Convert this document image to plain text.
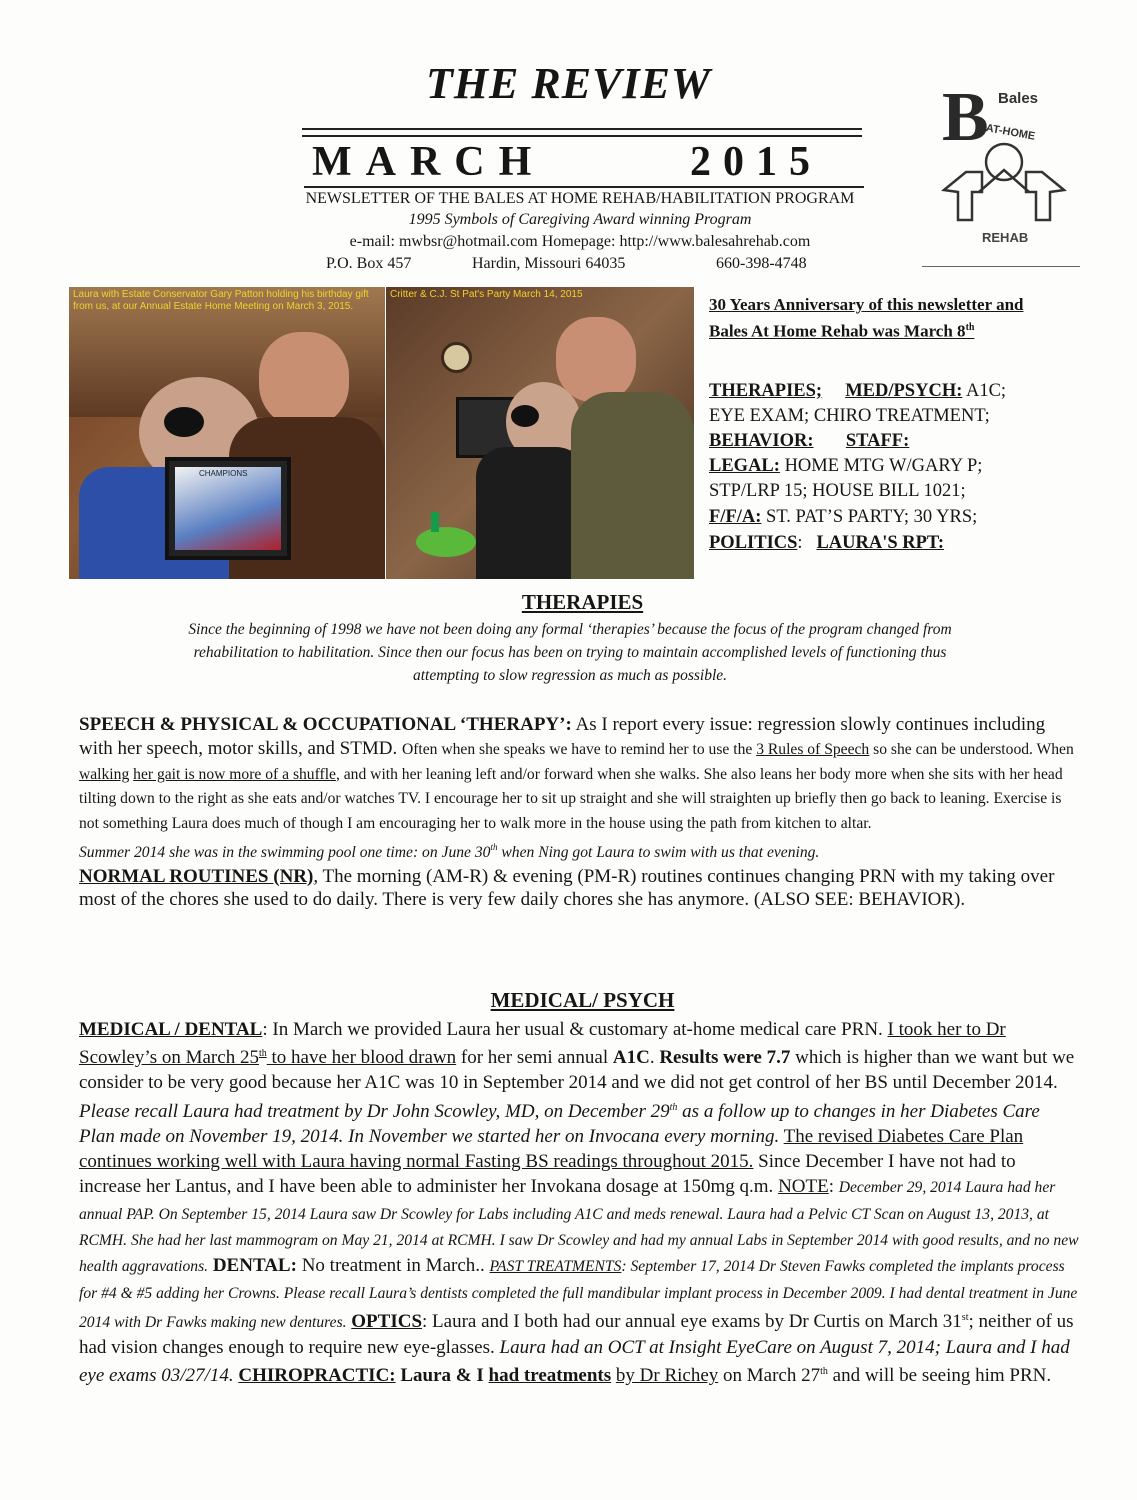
THE REVIEW
MARCH	2015
NEWSLETTER OF THE BALES AT HOME REHAB/HABILITATION PROGRAM
1995 Symbols of Caregiving Award winning Program
e-mail: mwbsr@hotmail.com Homepage: http://www.balesahrehab.com
P.O. Box 457	Hardin, Missouri 64035	660-398-4748
B Bales
AT-HOME
REHAB
CHAMPIONS
Laura with Estate Conservator Gary Patton holding his birthday gift from us, at our Annual Estate Home Meeting on March 3, 2015.
Critter & C.J. St Pat's Party March 14, 2015
30 Years Anniversary of this newsletter and
Bales At Home Rehab was March 8th
THERAPIES; MED/PSYCH: A1C;
EYE EXAM; CHIRO TREATMENT;
BEHAVIOR: STAFF:
LEGAL: HOME MTG W/GARY P;
STP/LRP 15; HOUSE BILL 1021;
F/F/A: ST. PAT’S PARTY; 30 YRS;
POLITICS: LAURA'S RPT:
THERAPIES
Since the beginning of 1998 we have not been doing any formal ‘therapies’ because the focus of the program changed from
rehabilitation to habilitation. Since then our focus has been on trying to maintain accomplished levels of functioning thus
attempting to slow regression as much as possible.
SPEECH & PHYSICAL & OCCUPATIONAL ‘THERAPY’: As I report every issue: regression slowly continues including with her speech, motor skills, and STMD. Often when she speaks we have to remind her to use the 3 Rules of Speech so she can be understood. When walking her gait is now more of a shuffle, and with her leaning left and/or forward when she walks. She also leans her body more when she sits with her head tilting down to the right as she eats and/or watches TV. I encourage her to sit up straight and she will straighten up briefly then go back to leaning. Exercise is not something Laura does much of though I am encouraging her to walk more in the house using the path from kitchen to altar.
Summer 2014 she was in the swimming pool one time: on June 30th when Ning got Laura to swim with us that evening.
NORMAL ROUTINES (NR), The morning (AM-R) & evening (PM-R) routines continues changing PRN with my taking over most of the chores she used to do daily. There is very few daily chores she has anymore. (ALSO SEE: BEHAVIOR).
MEDICAL/ PSYCH
MEDICAL / DENTAL: In March we provided Laura her usual & customary at-home medical care PRN. I took her to Dr Scowley’s on March 25th to have her blood drawn for her semi annual A1C. Results were 7.7 which is higher than we want but we consider to be very good because her A1C was 10 in September 2014 and we did not get control of her BS until December 2014. Please recall Laura had treatment by Dr John Scowley, MD, on December 29th as a follow up to changes in her Diabetes Care Plan made on November 19, 2014. In November we started her on Invocana every morning. The revised Diabetes Care Plan continues working well with Laura having normal Fasting BS readings throughout 2015. Since December I have not had to increase her Lantus, and I have been able to administer her Invokana dosage at 150mg q.m. NOTE: December 29, 2014 Laura had her annual PAP. On September 15, 2014 Laura saw Dr Scowley for Labs including A1C and meds renewal. Laura had a Pelvic CT Scan on August 13, 2013, at RCMH. She had her last mammogram on May 21, 2014 at RCMH. I saw Dr Scowley and had my annual Labs in September 2014 with good results, and no new health aggravations. DENTAL: No treatment in March.. PAST TREATMENTS: September 17, 2014 Dr Steven Fawks completed the implants process for #4 & #5 adding her Crowns. Please recall Laura’s dentists completed the full mandibular implant process in December 2009. I had dental treatment in June 2014 with Dr Fawks making new dentures. OPTICS: Laura and I both had our annual eye exams by Dr Curtis on March 31st; neither of us had vision changes enough to require new eye-glasses. Laura had an OCT at Insight EyeCare on August 7, 2014; Laura and I had eye exams 03/27/14. CHIROPRACTIC: Laura & I had treatments by Dr Richey on March 27th and will be seeing him PRN.
